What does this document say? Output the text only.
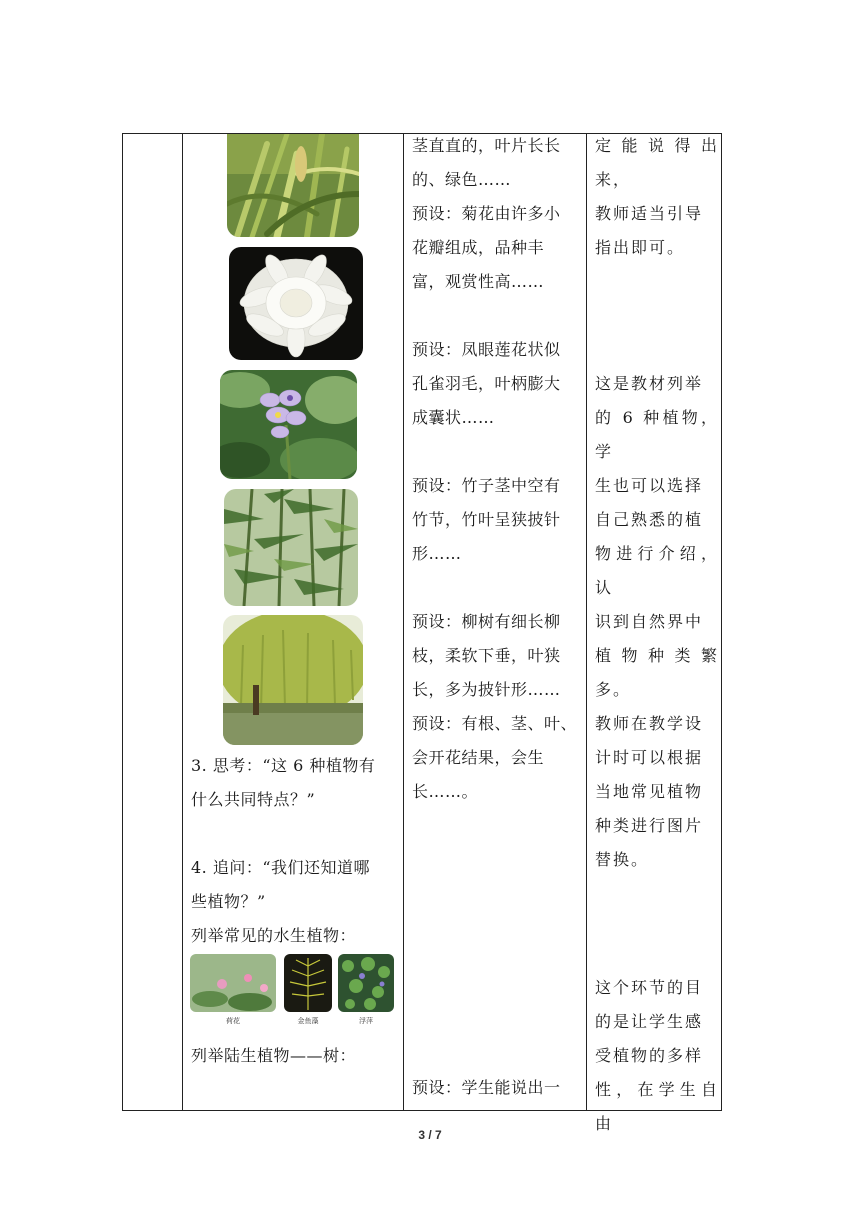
3. 思考：“这 6 种植物有
什么共同特点？”
4. 追问：“我们还知道哪
些植物？”
列举常见的水生植物：
荷花	金鱼藻	浮萍
列举陆生植物——树：
茎直直的，叶片长长
的、绿色……
预设：菊花由许多小
花瓣组成，品种丰
富，观赏性高……
预设：凤眼莲花状似
孔雀羽毛，叶柄膨大
成囊状……
预设：竹子茎中空有
竹节，竹叶呈狭披针
形……
预设：柳树有细长柳
枝，柔软下垂，叶狭
长，多为披针形……
预设：有根、茎、叶、
会开花结果，会生
长……。
预设：学生能说出一
定能说得出来，
教师适当引导
指出即可。
这是教材列举
的 6 种植物，学
生也可以选择
自己熟悉的植
物进行介绍，认
识到自然界中
植物种类繁多。
教师在教学设
计时可以根据
当地常见植物
种类进行图片
替换。
这个环节的目
的是让学生感
受植物的多样
性，在学生自由
3 / 7
